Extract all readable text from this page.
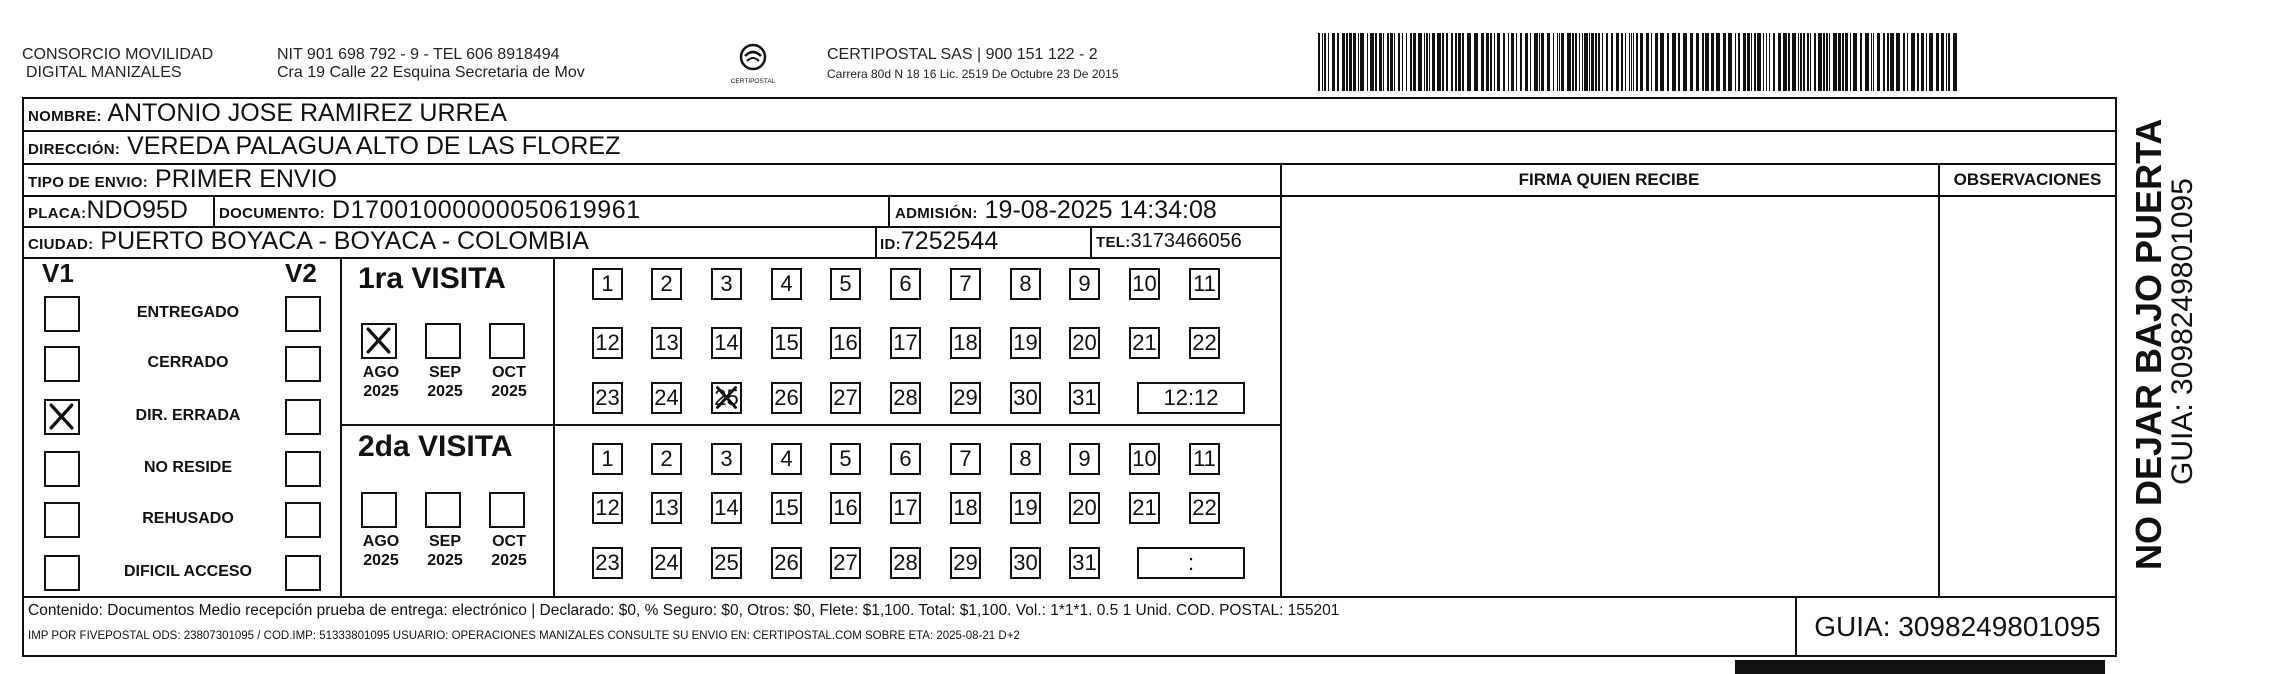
CONSORCIO MOVILIDAD
DIGITAL MANIZALES
NIT 901 698 792 - 9 - TEL 606 8918494
Cra 19 Calle 22 Esquina Secretaria de Mov
CERTIPOSTAL
CERTIPOSTAL SAS | 900 151 122 - 2
Carrera 80d N 18 16 Lic. 2519 De Octubre 23 De 2015
NOMBRE: ANTONIO JOSE RAMIREZ URREA
DIRECCIÓN: VEREDA PALAGUA ALTO DE LAS FLOREZ
TIPO DE ENVIO: PRIMER ENVIO
PLACA:NDO95D DOCUMENTO: D17001000000050619961	ADMISIÓN: 19-08-2025 14:34:08
CIUDAD: PUERTO BOYACA - BOYACA - COLOMBIA	ID:7252544	TEL:3173466056
FIRMA QUIEN RECIBE	OBSERVACIONES
V1	V2
ENTREGADO
CERRADO
DIR. ERRADA
NO RESIDE
REHUSADO
DIFICIL ACCESO
1ra VISITA
AGO
2025
SEP
2025
OCT
2025
1	2	3	4	5	6	7	8	9	10 11
12 13 14 15 16 17 18 19 20 21 22
23 24 25 26 27 28 29 30 31	12:12
2da VISITA
AGO
2025
SEP
2025
OCT
2025
1	2	3	4	5	6	7	8	9	10 11
12 13 14 15 16 17 18 19 20 21 22
23 24 25 26 27 28 29 30 31	:
Contenido: Documentos Medio recepción prueba de entrega: electrónico | Declarado: $0, % Seguro: $0, Otros: $0, Flete: $1,100. Total: $1,100. Vol.: 1*1*1. 0.5 1 Unid. COD. POSTAL: 155201
IMP POR FIVEPOSTAL ODS: 23807301095 / COD.IMP: 51333801095 USUARIO: OPERACIONES MANIZALES CONSULTE SU ENVIO EN: CERTIPOSTAL.COM SOBRE ETA: 2025-08-21 D+2	GUIA: 3098249801095
NO DEJAR BAJO PUERTA
GUIA: 3098249801095
